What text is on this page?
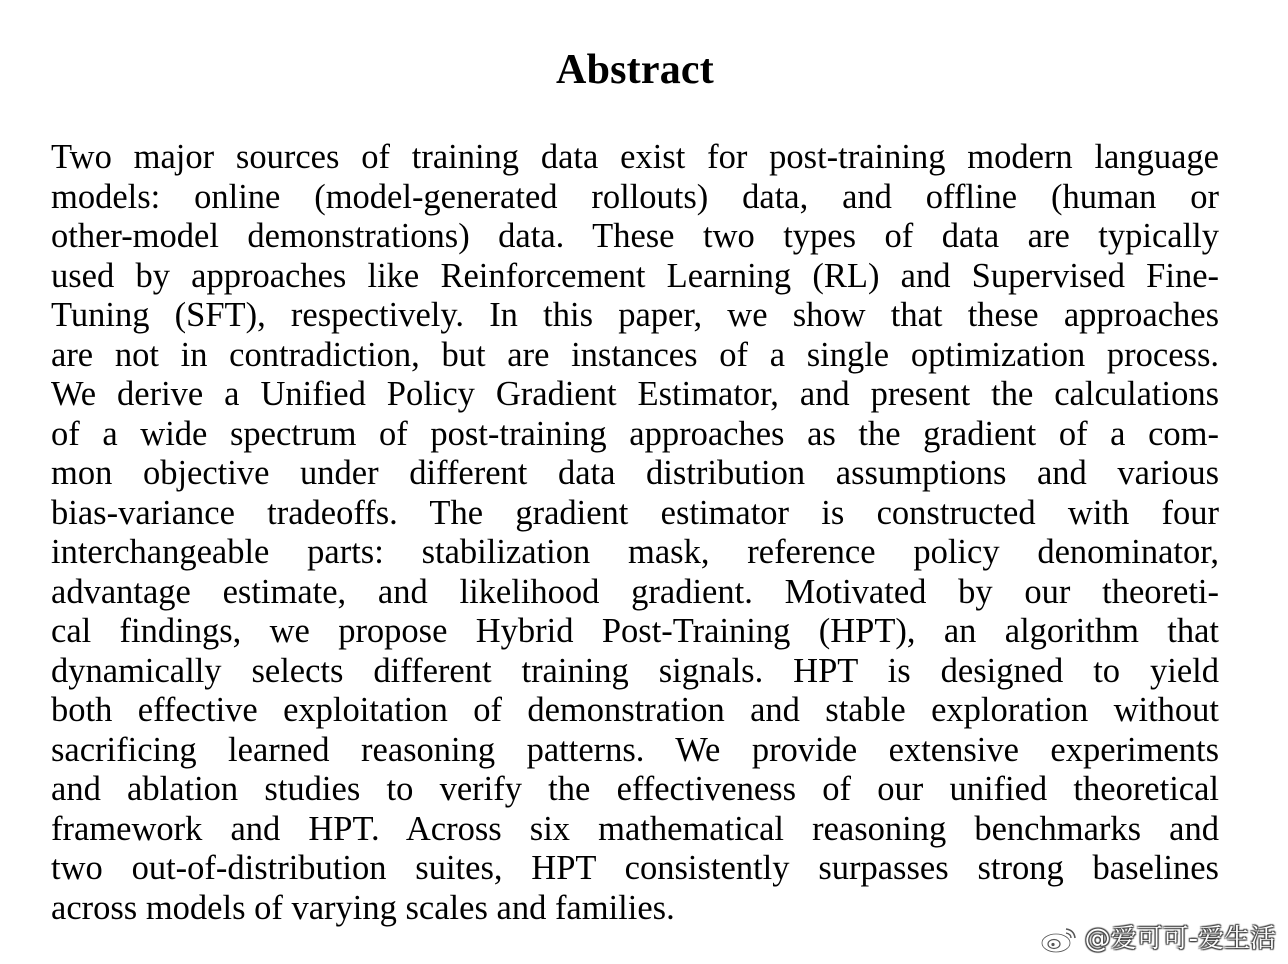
Abstract
Two major sources of training data exist for post-training modern language
models: online (model-generated rollouts) data, and offline (human or
other-model demonstrations) data. These two types of data are typically
used by approaches like Reinforcement Learning (RL) and Supervised Fine-
Tuning (SFT), respectively. In this paper, we show that these approaches
are not in contradiction, but are instances of a single optimization process.
We derive a Unified Policy Gradient Estimator, and present the calculations
of a wide spectrum of post-training approaches as the gradient of a com-
mon objective under different data distribution assumptions and various
bias-variance tradeoffs. The gradient estimator is constructed with four
interchangeable parts: stabilization mask, reference policy denominator,
advantage estimate, and likelihood gradient. Motivated by our theoreti-
cal findings, we propose Hybrid Post-Training (HPT), an algorithm that
dynamically selects different training signals. HPT is designed to yield
both effective exploitation of demonstration and stable exploration without
sacrificing learned reasoning patterns. We provide extensive experiments
and ablation studies to verify the effectiveness of our unified theoretical
framework and HPT. Across six mathematical reasoning benchmarks and
two out-of-distribution suites, HPT consistently surpasses strong baselines
across models of varying scales and families.
@爱可可-爱生活
